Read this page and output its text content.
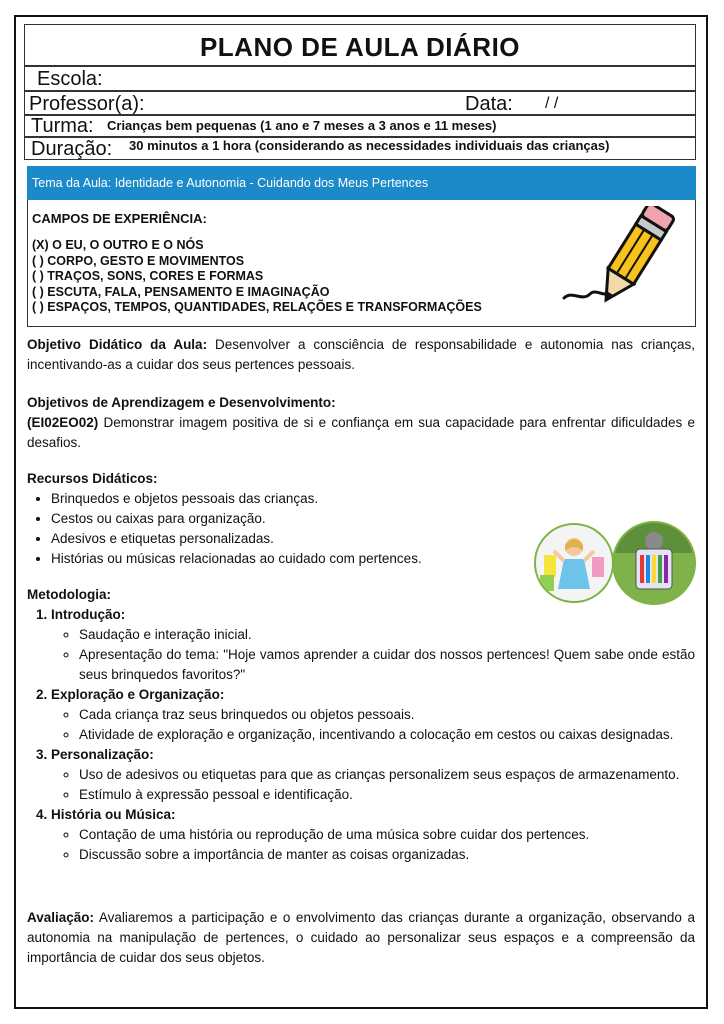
PLANO DE AULA DIÁRIO
Escola:
Professor(a):	Data: / /
Turma: Crianças bem pequenas (1 ano e 7 meses a 3 anos e 11 meses)
Duração: 30 minutos a 1 hora (considerando as necessidades individuais das crianças)
Tema da Aula: Identidade e Autonomia - Cuidando dos Meus Pertences
CAMPOS DE EXPERIÊNCIA:
(X) O EU, O OUTRO E O NÓS
( ) CORPO, GESTO E MOVIMENTOS
( ) TRAÇOS, SONS, CORES E FORMAS
( ) ESCUTA, FALA, PENSAMENTO E IMAGINAÇÃO
( ) ESPAÇOS, TEMPOS, QUANTIDADES, RELAÇÕES E TRANSFORMAÇÕES
Objetivo Didático da Aula: Desenvolver a consciência de responsabilidade e autonomia nas crianças, incentivando-as a cuidar dos seus pertences pessoais.
Objetivos de Aprendizagem e Desenvolvimento:
(EI02EO02) Demonstrar imagem positiva de si e confiança em sua capacidade para enfrentar dificuldades e desafios.
Recursos Didáticos:
• Brinquedos e objetos pessoais das crianças.
• Cestos ou caixas para organização.
• Adesivos e etiquetas personalizadas.
• Histórias ou músicas relacionadas ao cuidado com pertences.
Metodologia:
1. Introdução:
◦ Saudação e interação inicial.
◦ Apresentação do tema: "Hoje vamos aprender a cuidar dos nossos pertences! Quem sabe onde estão seus brinquedos favoritos?"
2. Exploração e Organização:
◦ Cada criança traz seus brinquedos ou objetos pessoais.
◦ Atividade de exploração e organização, incentivando a colocação em cestos ou caixas designadas.
3. Personalização:
◦ Uso de adesivos ou etiquetas para que as crianças personalizem seus espaços de armazenamento.
◦ Estímulo à expressão pessoal e identificação.
4. História ou Música:
◦ Contação de uma história ou reprodução de uma música sobre cuidar dos pertences.
◦ Discussão sobre a importância de manter as coisas organizadas.
Avaliação: Avaliaremos a participação e o envolvimento das crianças durante a organização, observando a autonomia na manipulação de pertences, o cuidado ao personalizar seus espaços e a compreensão da importância de cuidar dos seus objetos.
